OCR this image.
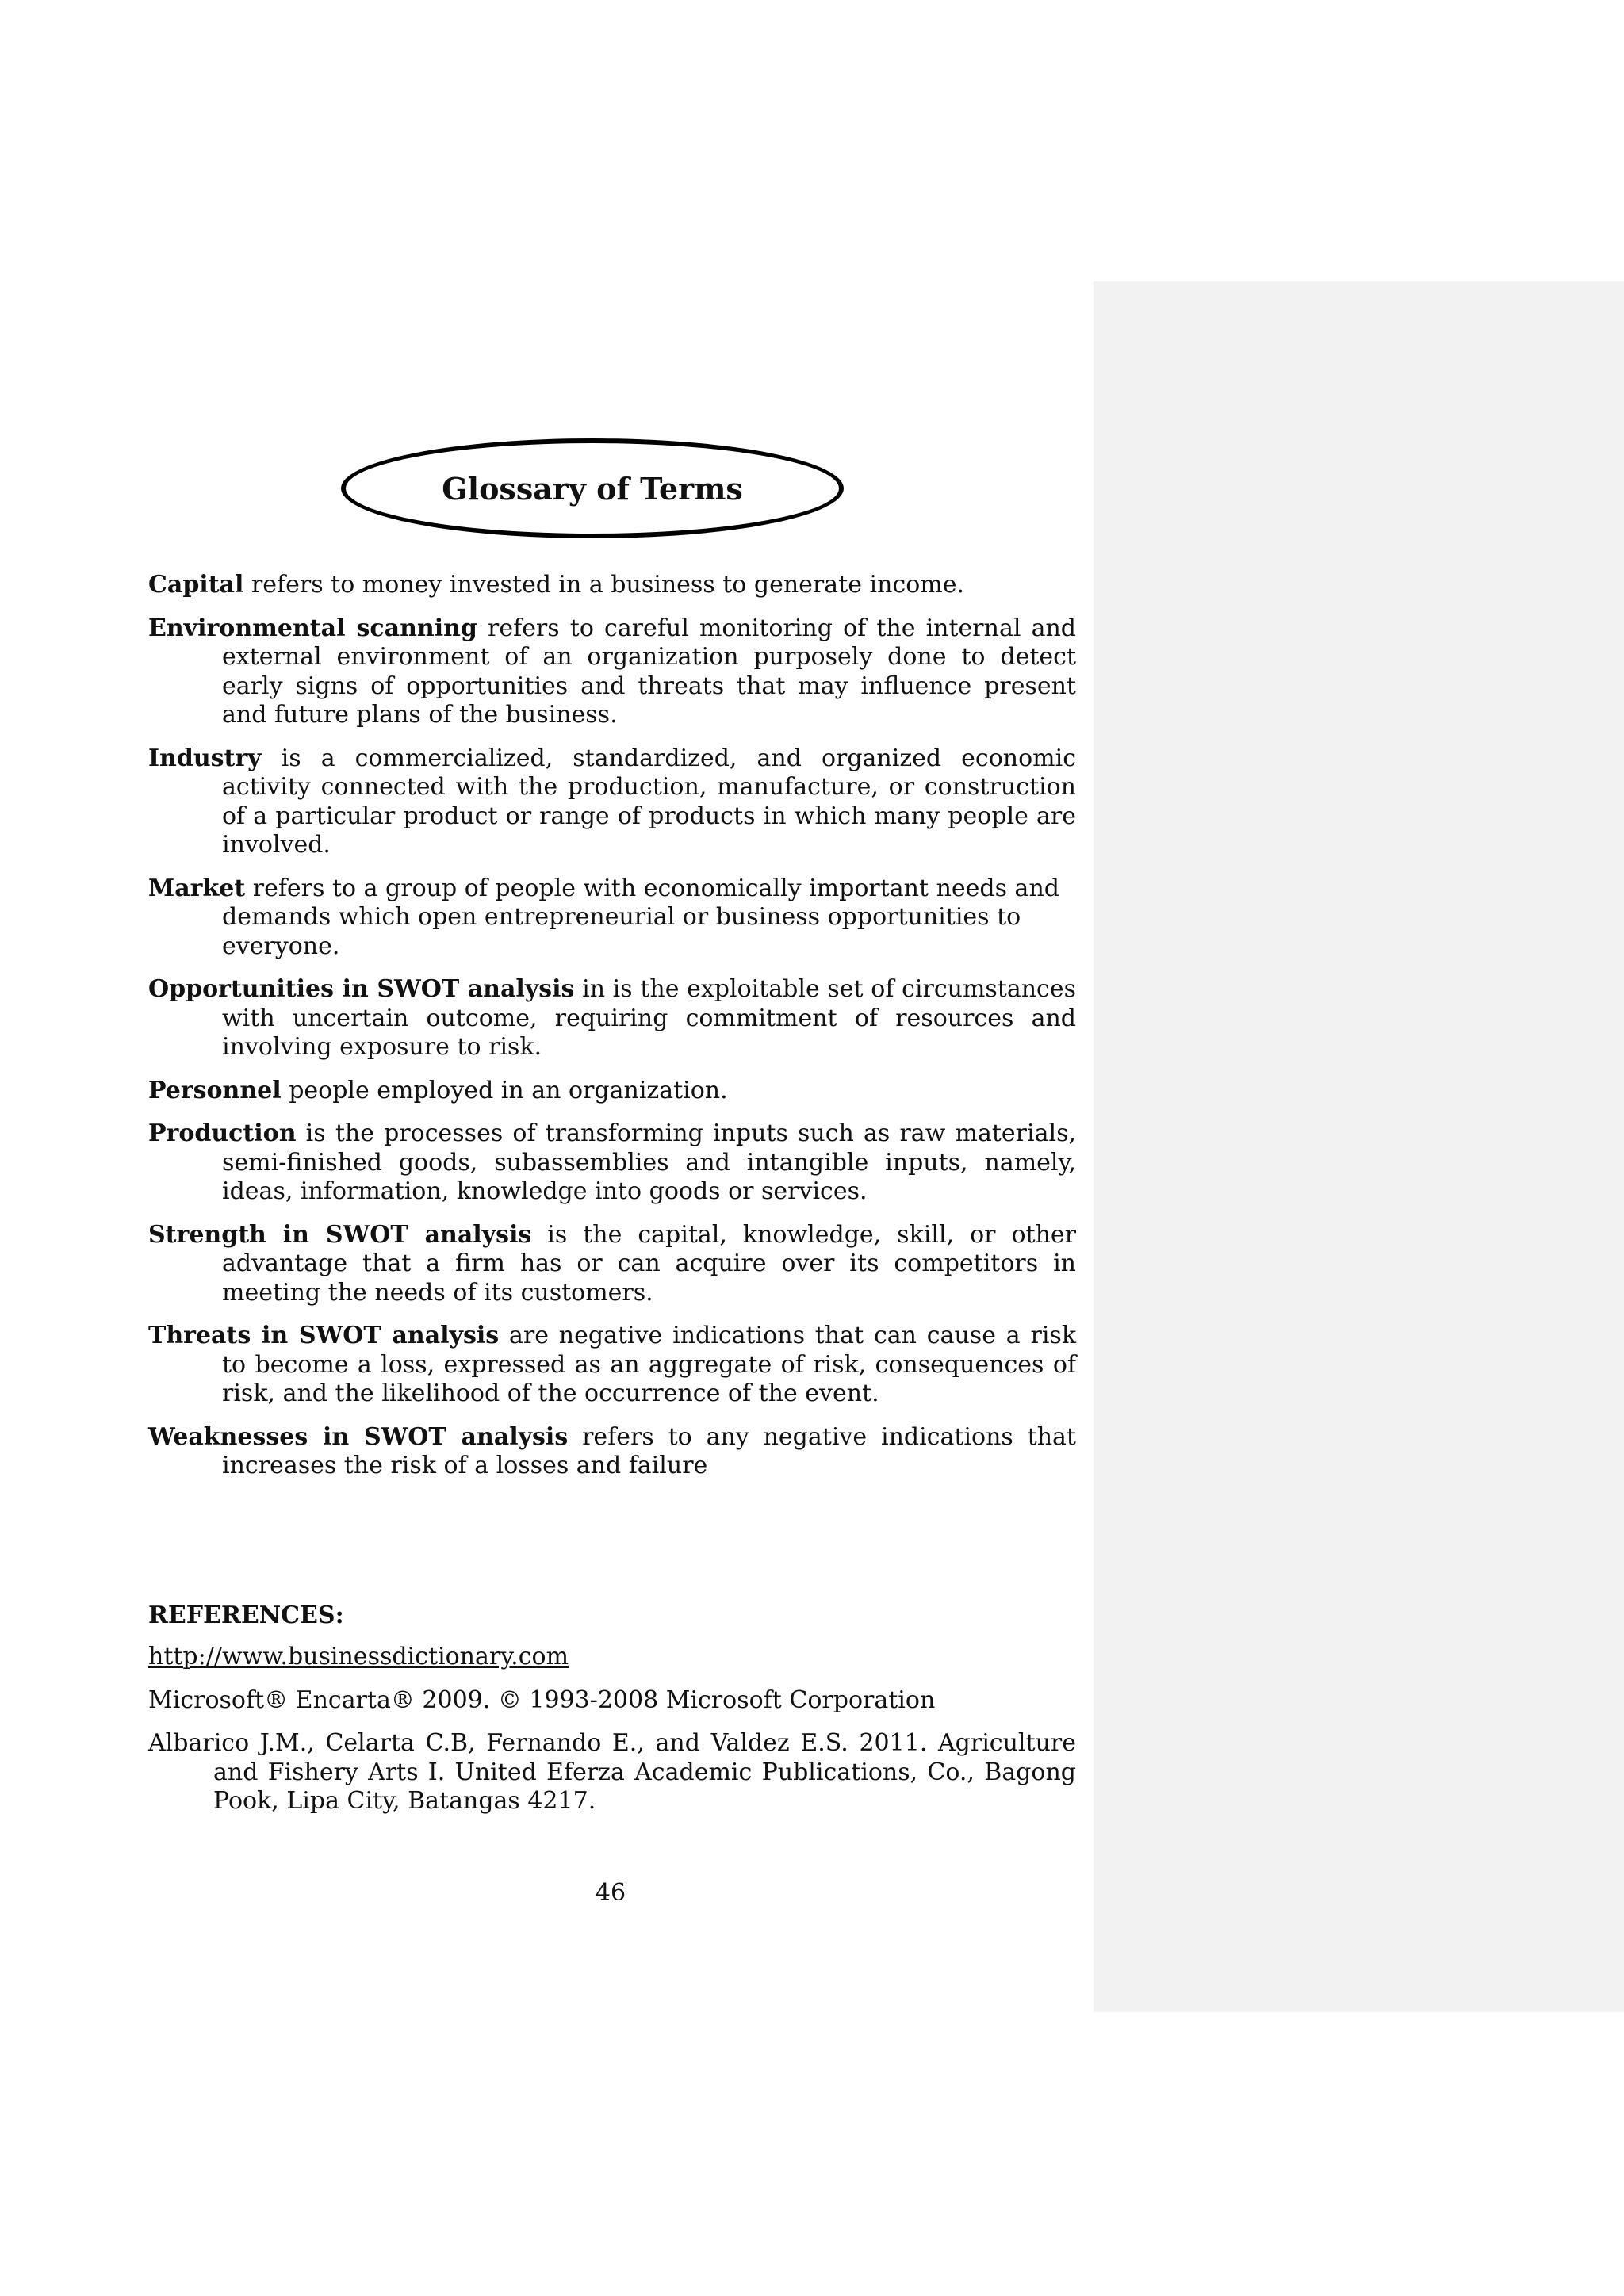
Glossary of Terms

Capital refers to money invested in a business to generate income.

Environmental scanning refers to careful monitoring of the internal and external environment of an organization purposely done to detect early signs of opportunities and threats that may influence present and future plans of the business.

Industry is a commercialized, standardized, and organized economic activity connected with the production, manufacture, or construction of a particular product or range of products in which many people are involved.

Market refers to a group of people with economically important needs and demands which open entrepreneurial or business opportunities to everyone.

Opportunities in SWOT analysis in is the exploitable set of circumstances with uncertain outcome, requiring commitment of resources and involving exposure to risk.

Personnel people employed in an organization.

Production is the processes of transforming inputs such as raw materials, semi-finished goods, subassemblies and intangible inputs, namely, ideas, information, knowledge into goods or services.

Strength in SWOT analysis is the capital, knowledge, skill, or other advantage that a firm has or can acquire over its competitors in meeting the needs of its customers.

Threats in SWOT analysis are negative indications that can cause a risk to become a loss, expressed as an aggregate of risk, consequences of risk, and the likelihood of the occurrence of the event.

Weaknesses in SWOT analysis refers to any negative indications that increases the risk of a losses and failure

REFERENCES:

http://www.businessdictionary.com

Microsoft® Encarta® 2009. © 1993-2008 Microsoft Corporation

Albarico J.M., Celarta C.B, Fernando E., and Valdez E.S. 2011. Agriculture and Fishery Arts I. United Eferza Academic Publications, Co., Bagong Pook, Lipa City, Batangas 4217.

46
